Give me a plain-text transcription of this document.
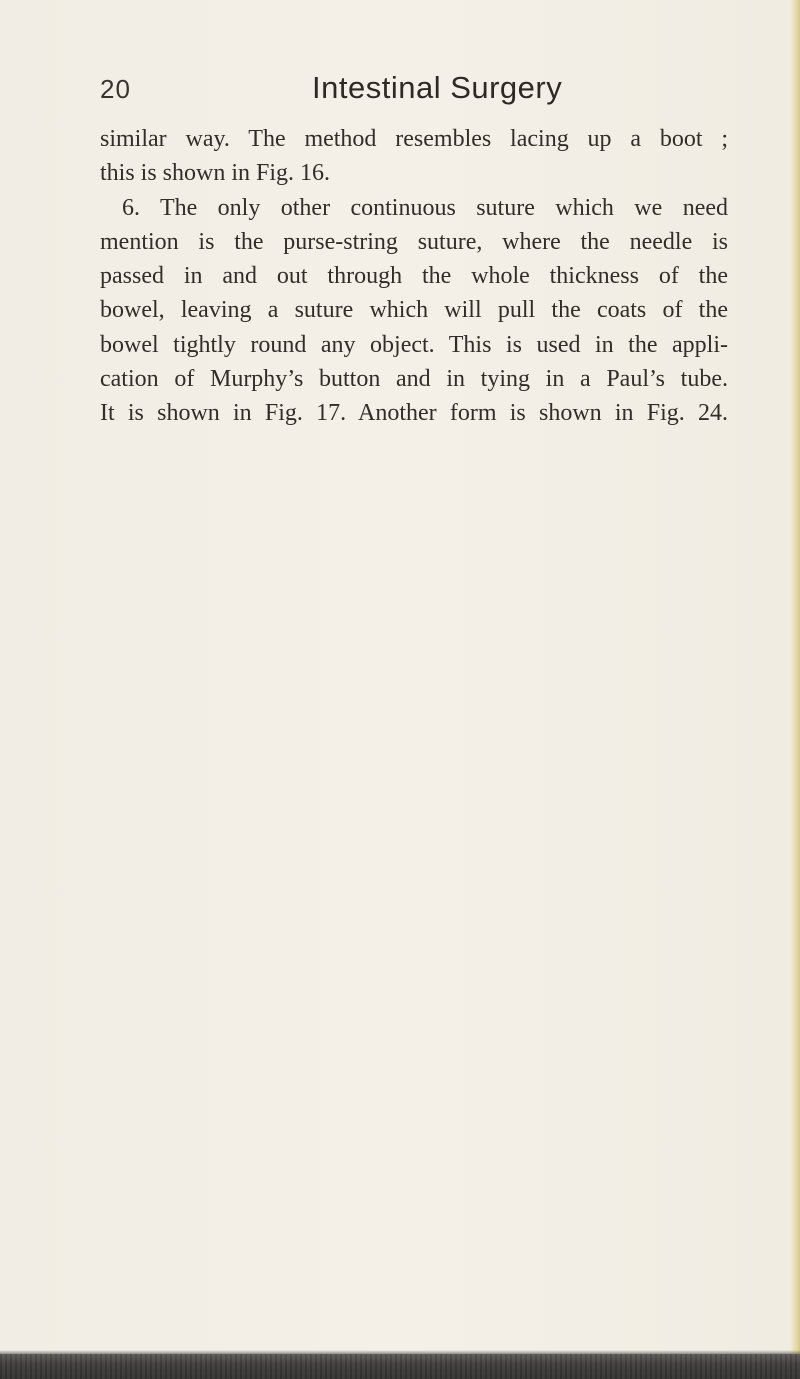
20	Intestinal Surgery
similar way. The method resembles lacing up a boot ;
this is shown in Fig. 16.
6. The only other continuous suture which we need
mention is the purse-string suture, where the needle is
passed in and out through the whole thickness of the
bowel, leaving a suture which will pull the coats of the
bowel tightly round any object. This is used in the appli-
cation of Murphy’s button and in tying in a Paul’s tube.
It is shown in Fig. 17. Another form is shown in Fig. 24.
